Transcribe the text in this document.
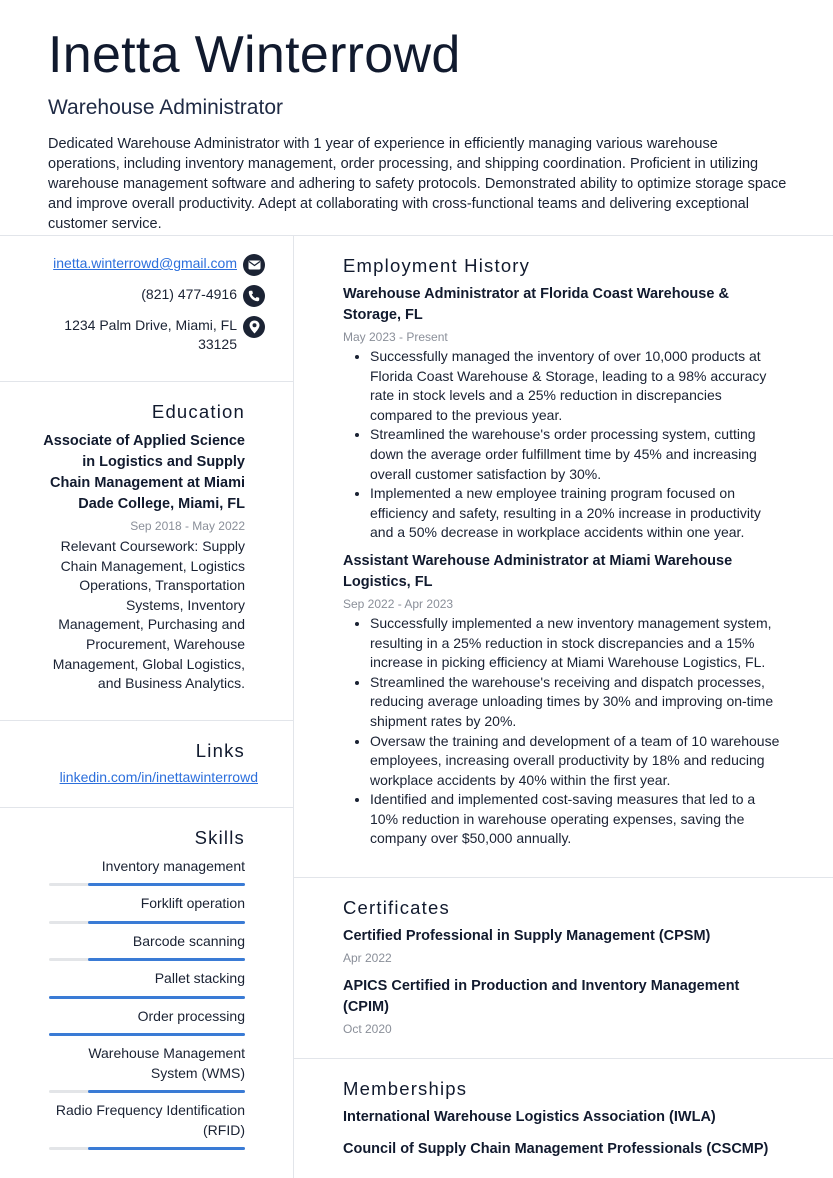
Inetta Winterrowd
Warehouse Administrator
Dedicated Warehouse Administrator with 1 year of experience in efficiently managing various warehouse operations, including inventory management, order processing, and shipping coordination. Proficient in utilizing warehouse management software and adhering to safety protocols. Demonstrated ability to optimize storage space and improve overall productivity. Adept at collaborating with cross-functional teams and delivering exceptional customer service.
inetta.winterrowd@gmail.com
(821) 477-4916
1234 Palm Drive, Miami, FL
33125
Education
Associate of Applied Science in Logistics and Supply Chain Management at Miami Dade College, Miami, FL
Sep 2018 - May 2022
Relevant Coursework: Supply Chain Management, Logistics Operations, Transportation Systems, Inventory Management, Purchasing and Procurement, Warehouse Management, Global Logistics, and Business Analytics.
Links
linkedin.com/in/inettawinterrowd
Skills
Inventory management
Forklift operation
Barcode scanning
Pallet stacking
Order processing
Warehouse Management System (WMS)
Radio Frequency Identification (RFID)
Employment History
Warehouse Administrator at Florida Coast Warehouse & Storage, FL
May 2023 - Present
• Successfully managed the inventory of over 10,000 products at Florida Coast Warehouse & Storage, leading to a 98% accuracy rate in stock levels and a 25% reduction in discrepancies compared to the previous year.
• Streamlined the warehouse's order processing system, cutting down the average order fulfillment time by 45% and increasing overall customer satisfaction by 30%.
• Implemented a new employee training program focused on efficiency and safety, resulting in a 20% increase in productivity and a 50% decrease in workplace accidents within one year.
Assistant Warehouse Administrator at Miami Warehouse Logistics, FL
Sep 2022 - Apr 2023
• Successfully implemented a new inventory management system, resulting in a 25% reduction in stock discrepancies and a 15% increase in picking efficiency at Miami Warehouse Logistics, FL.
• Streamlined the warehouse's receiving and dispatch processes, reducing average unloading times by 30% and improving on-time shipment rates by 20%.
• Oversaw the training and development of a team of 10 warehouse employees, increasing overall productivity by 18% and reducing workplace accidents by 40% within the first year.
• Identified and implemented cost-saving measures that led to a 10% reduction in warehouse operating expenses, saving the company over $50,000 annually.
Certificates
Certified Professional in Supply Management (CPSM)
Apr 2022
APICS Certified in Production and Inventory Management (CPIM)
Oct 2020
Memberships
International Warehouse Logistics Association (IWLA)
Council of Supply Chain Management Professionals (CSCMP)
